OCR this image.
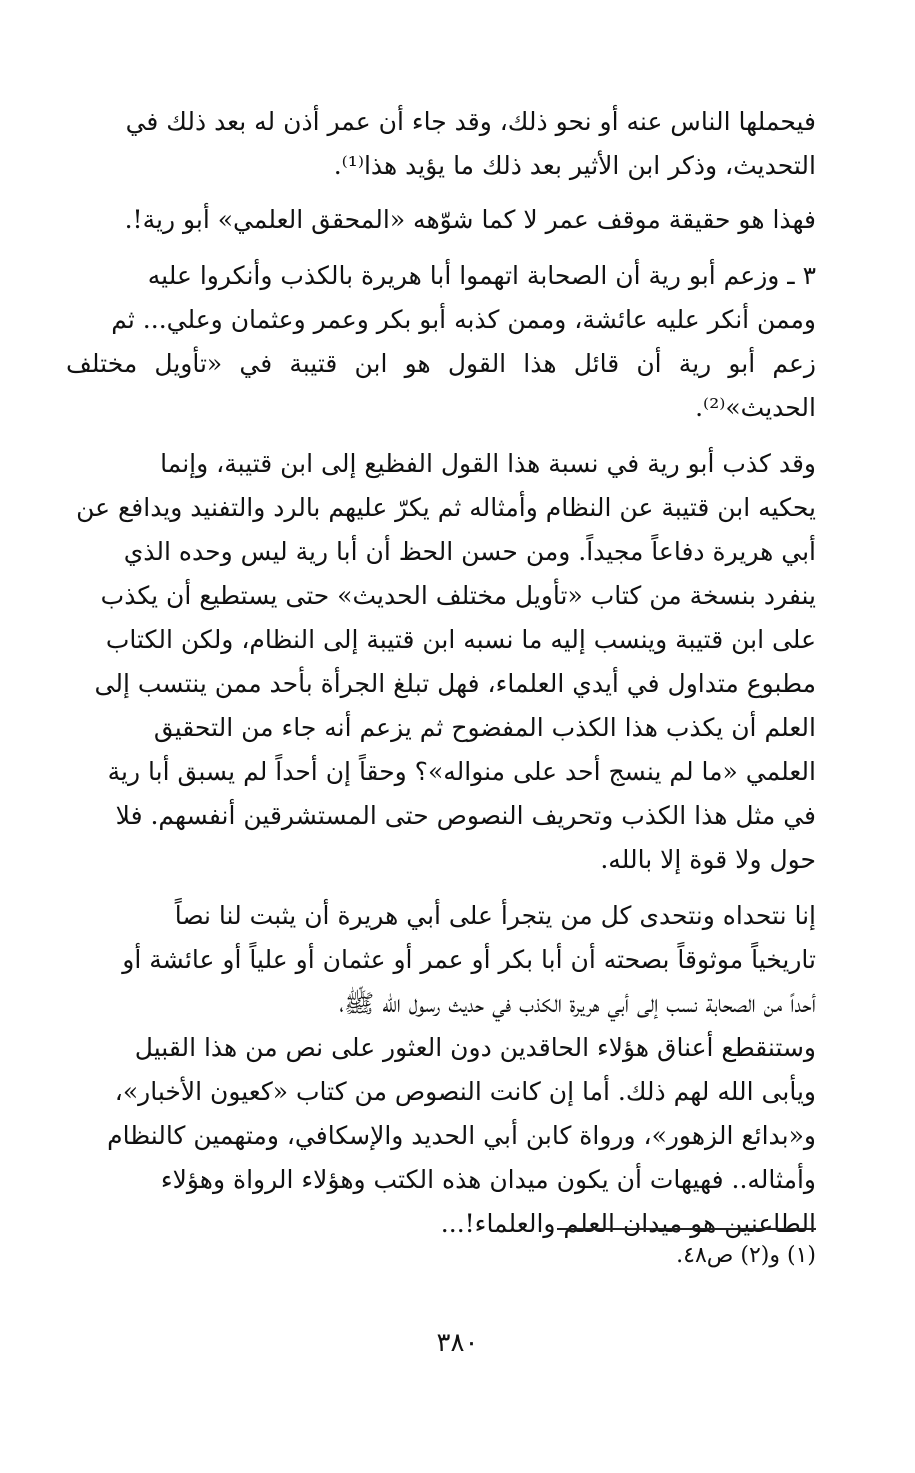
فيحملها الناس عنه أو نحو ذلك، وقد جاء أن عمر أذن له بعد ذلك في
التحديث، وذكر ابن الأثير بعد ذلك ما يؤيد هذا⁽¹⁾.

فهذا هو حقيقة موقف عمر لا كما شوّهه «المحقق العلمي» أبو رية!.

٣ ـ وزعم أبو رية أن الصحابة اتهموا أبا هريرة بالكذب وأنكروا عليه
وممن أنكر عليه عائشة، وممن كذبه أبو بكر وعمر وعثمان وعلي... ثم
زعم أبو رية أن قائل هذا القول هو ابن قتيبة في «تأويل مختلف الحديث»⁽²⁾.

وقد كذب أبو رية في نسبة هذا القول الفظيع إلى ابن قتيبة، وإنما
يحكيه ابن قتيبة عن النظام وأمثاله ثم يكرّ عليهم بالرد والتفنيد ويدافع عن
أبي هريرة دفاعاً مجيداً. ومن حسن الحظ أن أبا رية ليس وحده الذي
ينفرد بنسخة من كتاب «تأويل مختلف الحديث» حتى يستطيع أن يكذب
على ابن قتيبة وينسب إليه ما نسبه ابن قتيبة إلى النظام، ولكن الكتاب
مطبوع متداول في أيدي العلماء، فهل تبلغ الجرأة بأحد ممن ينتسب إلى
العلم أن يكذب هذا الكذب المفضوح ثم يزعم أنه جاء من التحقيق
العلمي «ما لم ينسج أحد على منواله»؟ وحقاً إن أحداً لم يسبق أبا رية
في مثل هذا الكذب وتحريف النصوص حتى المستشرقين أنفسهم. فلا
حول ولا قوة إلا بالله.

إنا نتحداه ونتحدى كل من يتجرأ على أبي هريرة أن يثبت لنا نصاً
تاريخياً موثوقاً بصحته أن أبا بكر أو عمر أو عثمان أو علياً أو عائشة أو
أحداً من الصحابة نسب إلى أبي هريرة الكذب في حديث رسول الله ﷺ،
وستنقطع أعناق هؤلاء الحاقدين دون العثور على نص من هذا القبيل
ويأبى الله لهم ذلك. أما إن كانت النصوص من كتاب «كعيون الأخبار»،
و«بدائع الزهور»، ورواة كابن أبي الحديد والإسكافي، ومتهمين كالنظام
وأمثاله.. فهيهات أن يكون ميدان هذه الكتب وهؤلاء الرواة وهؤلاء
الطاعنين هو ميدان العلم والعلماء!...

(١) و(٢) ص٤٨.
٣٨٠
